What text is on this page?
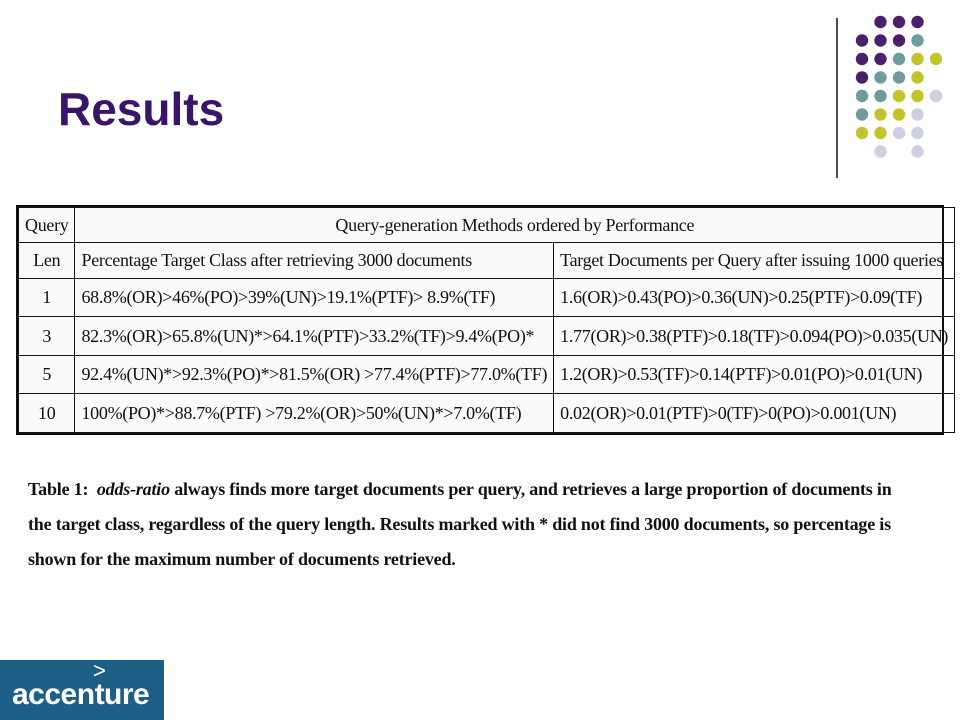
Results
Query	Query-generation Methods ordered by Performance	
Len	Percentage Target Class after retrieving 3000 documents	Target Documents per Query after issuing 1000 queries
1	68.8%(OR)>46%(PO)>39%(UN)>19.1%(PTF)> 8.9%(TF)	1.6(OR)>0.43(PO)>0.36(UN)>0.25(PTF)>0.09(TF)
3	82.3%(OR)>65.8%(UN)*>64.1%(PTF)>33.2%(TF)>9.4%(PO)*	1.77(OR)>0.38(PTF)>0.18(TF)>0.094(PO)>0.035(UN)
5	92.4%(UN)*>92.3%(PO)*>81.5%(OR) >77.4%(PTF)>77.0%(TF)	1.2(OR)>0.53(TF)>0.14(PTF)>0.01(PO)>0.01(UN)
10	100%(PO)*>88.7%(PTF) >79.2%(OR)>50%(UN)*>7.0%(TF)	0.02(OR)>0.01(PTF)>0(TF)>0(PO)>0.001(UN)
Table 1: odds-ratio always finds more target documents per query, and retrieves a large proportion of documents in
the target class, regardless of the query length. Results marked with * did not find 3000 documents, so percentage is
shown for the maximum number of documents retrieved.
>
accenture
